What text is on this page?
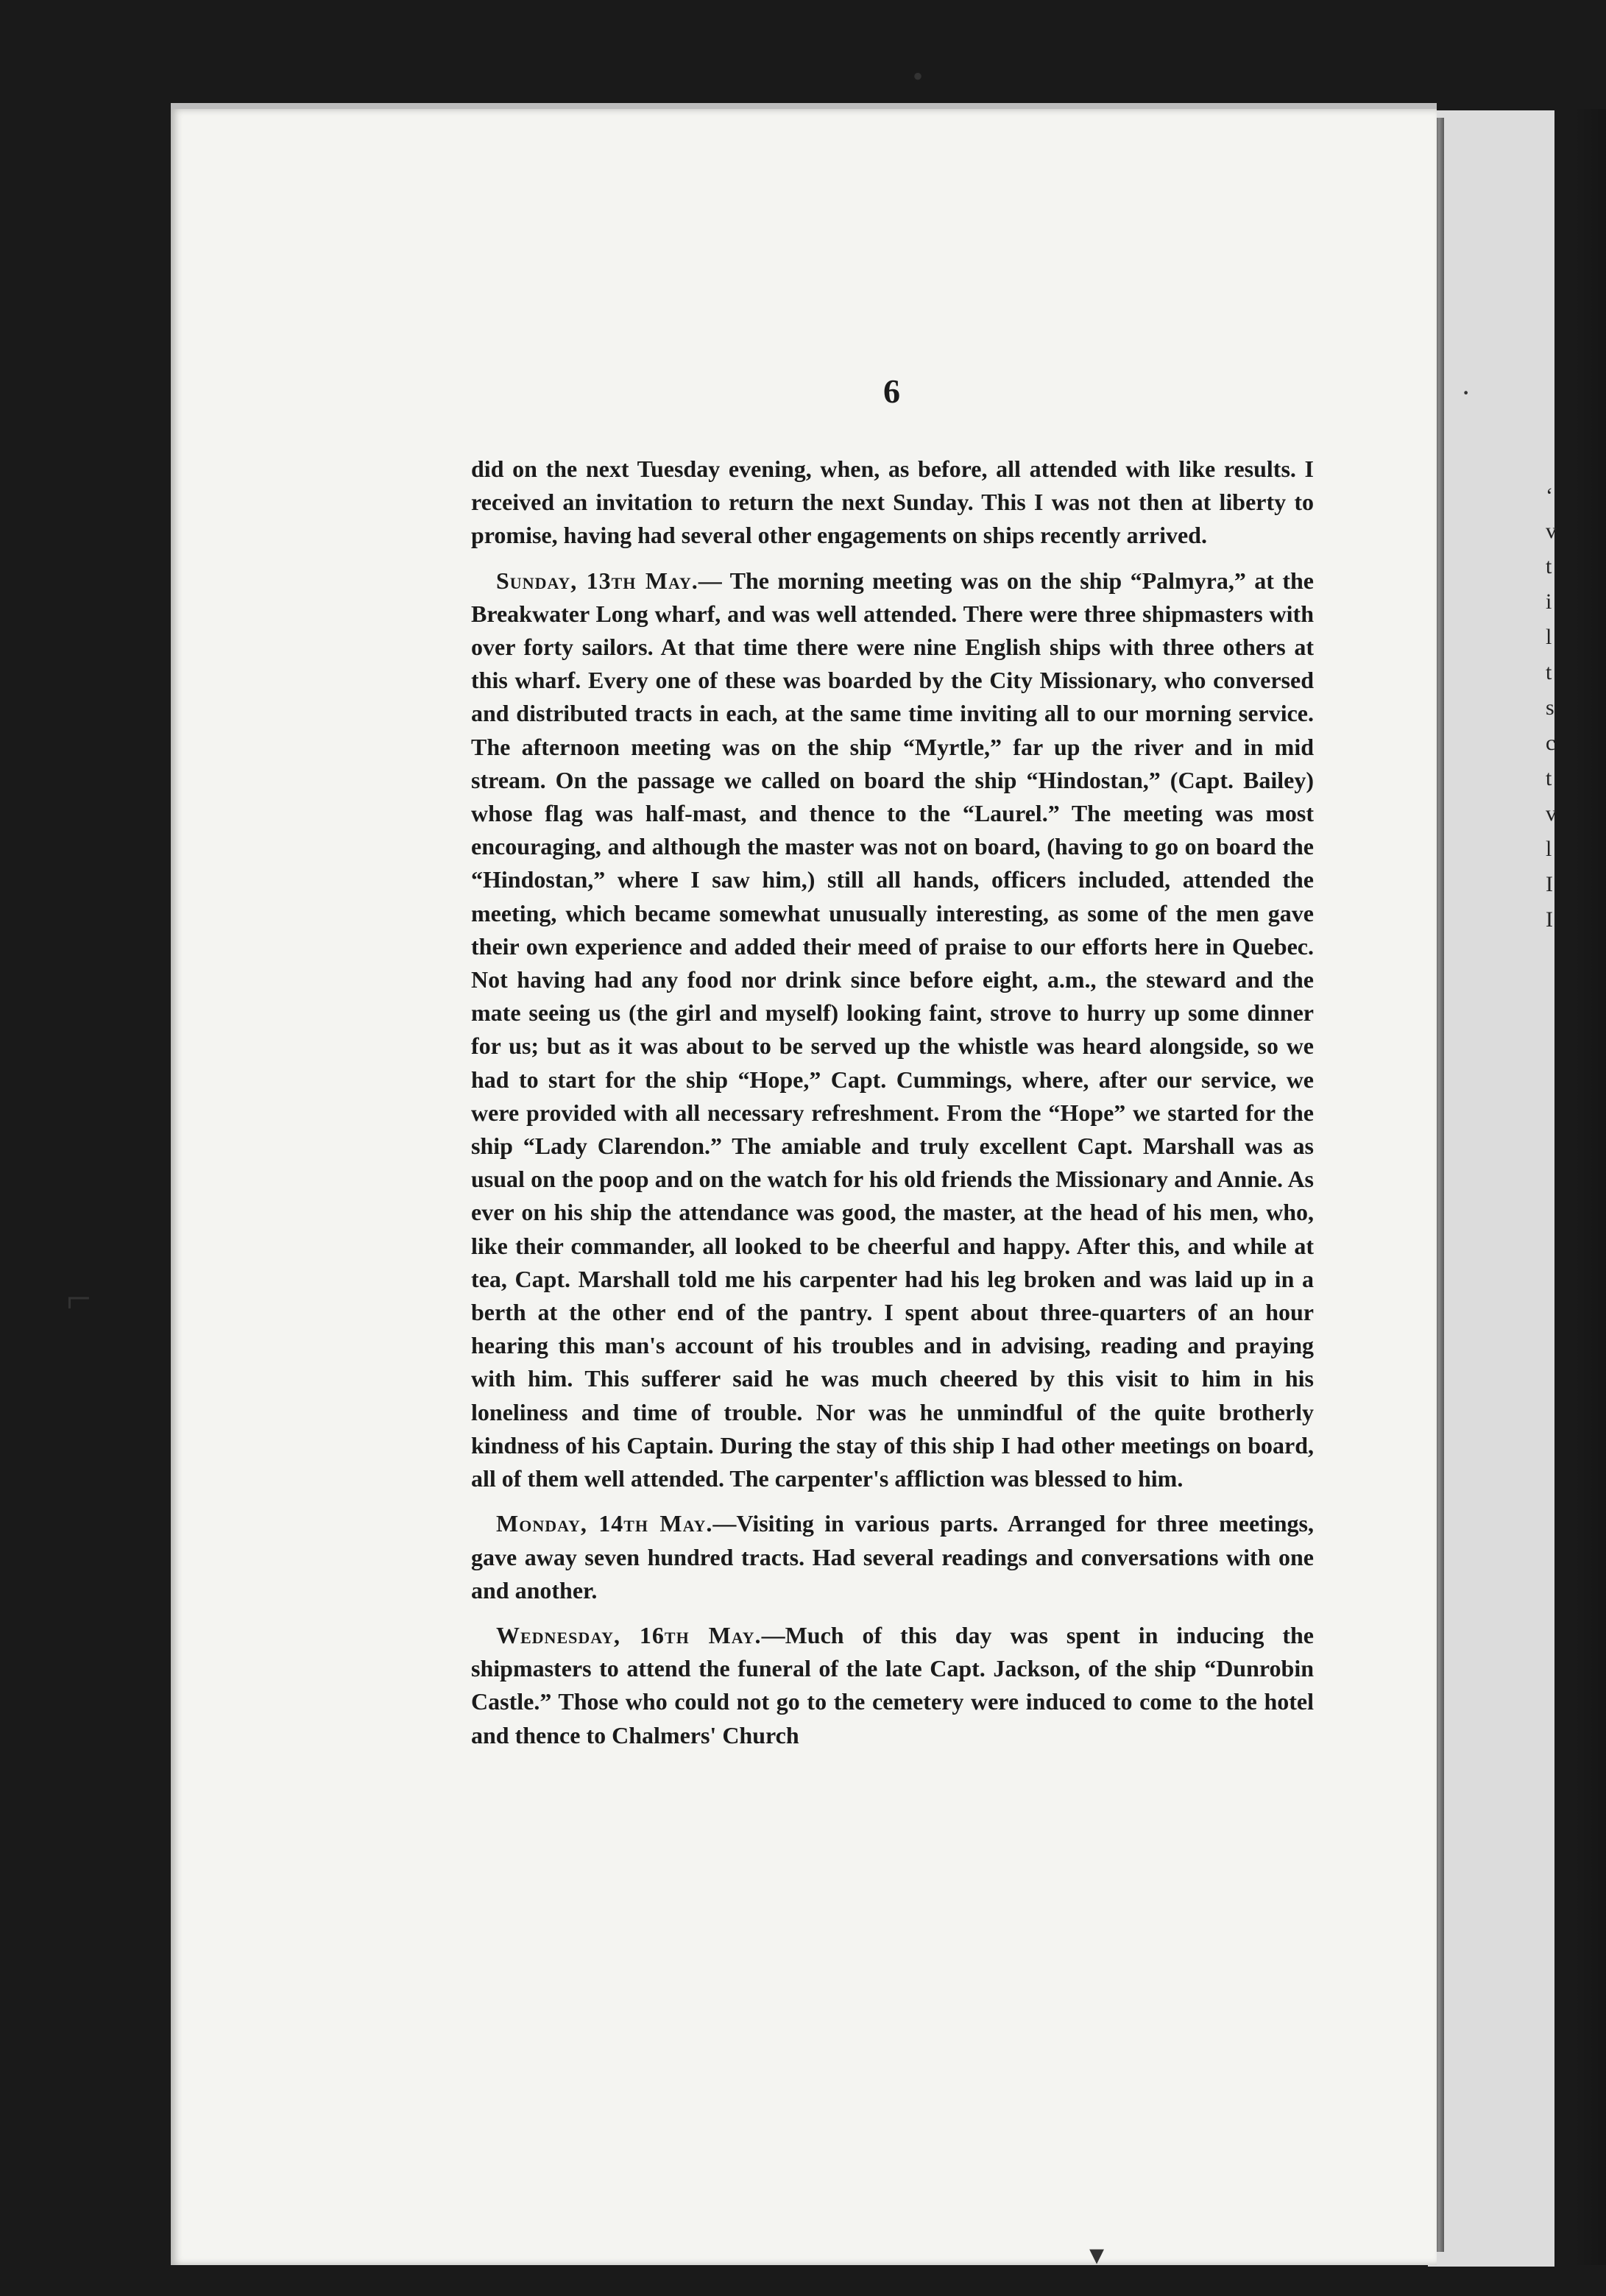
6

did on the next Tuesday evening, when, as before, all attended with like results. I received an invitation to return the next Sunday. This I was not then at liberty to promise, having had several other engagements on ships recently arrived.

Sunday, 13th May.— The morning meeting was on the ship “Palmyra,” at the Breakwater Long wharf, and was well attended. There were three shipmasters with over forty sailors. At that time there were nine English ships with three others at this wharf. Every one of these was boarded by the City Missionary, who conversed and distributed tracts in each, at the same time inviting all to our morning service. The afternoon meeting was on the ship “Myrtle,” far up the river and in mid stream. On the passage we called on board the ship “Hindostan,” (Capt. Bailey) whose flag was half-mast, and thence to the “Laurel.” The meeting was most encouraging, and although the master was not on board, (having to go on board the “Hindostan,” where I saw him,) still all hands, officers included, attended the meeting, which became somewhat unusually interesting, as some of the men gave their own experience and added their meed of praise to our efforts here in Quebec. Not having had any food nor drink since before eight, a.m., the steward and the mate seeing us (the girl and myself) looking faint, strove to hurry up some dinner for us; but as it was about to be served up the whistle was heard alongside, so we had to start for the ship “Hope,” Capt. Cummings, where, after our service, we were provided with all necessary refreshment. From the “Hope” we started for the ship “Lady Clarendon.” The amiable and truly excellent Capt. Marshall was as usual on the poop and on the watch for his old friends the Missionary and Annie. As ever on his ship the attendance was good, the master, at the head of his men, who, like their commander, all looked to be cheerful and happy. After this, and while at tea, Capt. Marshall told me his carpenter had his leg broken and was laid up in a berth at the other end of the pantry. I spent about three-quarters of an hour hearing this man's account of his troubles and in advising, reading and praying with him. This sufferer said he was much cheered by this visit to him in his loneliness and time of trouble. Nor was he unmindful of the quite brotherly kindness of his Captain. During the stay of this ship I had other meetings on board, all of them well attended. The carpenter's affliction was blessed to him.

Monday, 14th May.—Visiting in various parts. Arranged for three meetings, gave away seven hundred tracts. Had several readings and conversations with one and another.

Wednesday, 16th May.—Much of this day was spent in inducing the shipmasters to attend the funeral of the late Capt. Jackson, of the ship “Dunrobin Castle.” Those who could not go to the cemetery were induced to come to the hotel and thence to Chalmers' Church

‘
v
t
i
l
t
s
c
t
v
l
I
I
•
·
⌐
▾
